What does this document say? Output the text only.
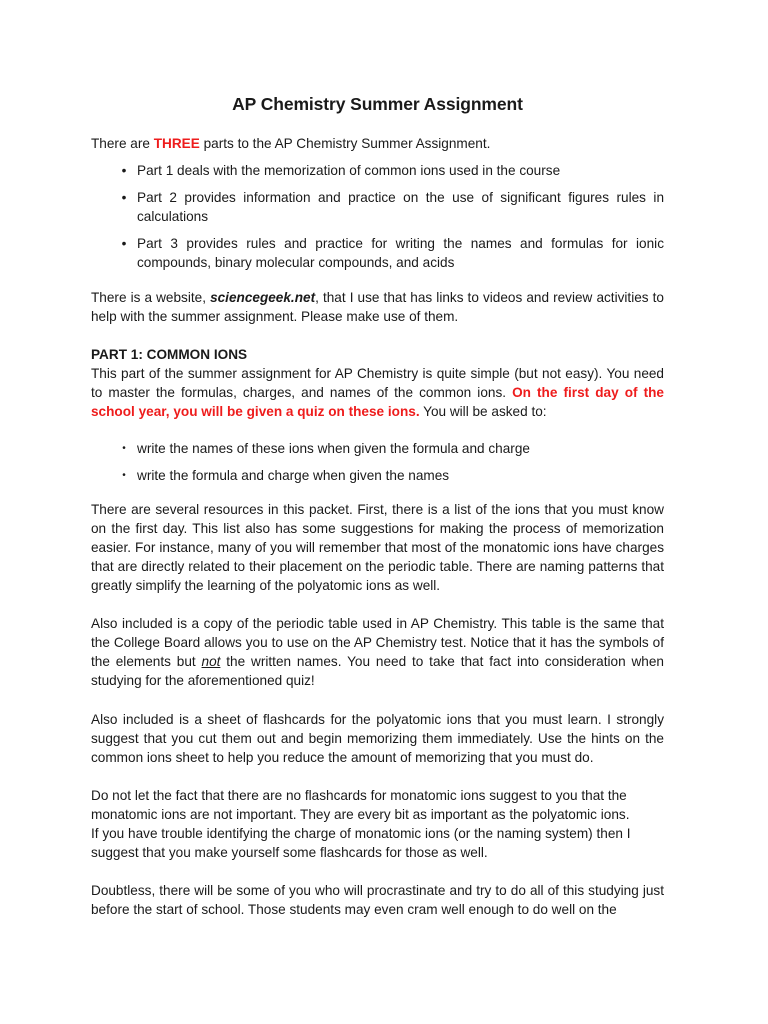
AP Chemistry Summer Assignment
There are THREE parts to the AP Chemistry Summer Assignment.
• Part 1 deals with the memorization of common ions used in the course
• Part 2 provides information and practice on the use of significant figures rules in calculations
• Part 3 provides rules and practice for writing the names and formulas for ionic compounds, binary molecular compounds, and acids
There is a website, sciencegeek.net, that I use that has links to videos and review activities to help with the summer assignment. Please make use of them.
PART 1: COMMON IONS
This part of the summer assignment for AP Chemistry is quite simple (but not easy). You need to master the formulas, charges, and names of the common ions. On the first day of the school year, you will be given a quiz on these ions. You will be asked to:
• write the names of these ions when given the formula and charge
• write the formula and charge when given the names
There are several resources in this packet. First, there is a list of the ions that you must know on the first day. This list also has some suggestions for making the process of memorization easier. For instance, many of you will remember that most of the monatomic ions have charges that are directly related to their placement on the periodic table. There are naming patterns that greatly simplify the learning of the polyatomic ions as well.
Also included is a copy of the periodic table used in AP Chemistry. This table is the same that the College Board allows you to use on the AP Chemistry test. Notice that it has the symbols of the elements but not the written names. You need to take that fact into consideration when studying for the aforementioned quiz!
Also included is a sheet of flashcards for the polyatomic ions that you must learn. I strongly suggest that you cut them out and begin memorizing them immediately. Use the hints on the common ions sheet to help you reduce the amount of memorizing that you must do.
Do not let the fact that there are no flashcards for monatomic ions suggest to you that the
monatomic ions are not important. They are every bit as important as the polyatomic ions.
If you have trouble identifying the charge of monatomic ions (or the naming system) then I
suggest that you make yourself some flashcards for those as well.
Doubtless, there will be some of you who will procrastinate and try to do all of this studying just before the start of school. Those students may even cram well enough to do well on the
